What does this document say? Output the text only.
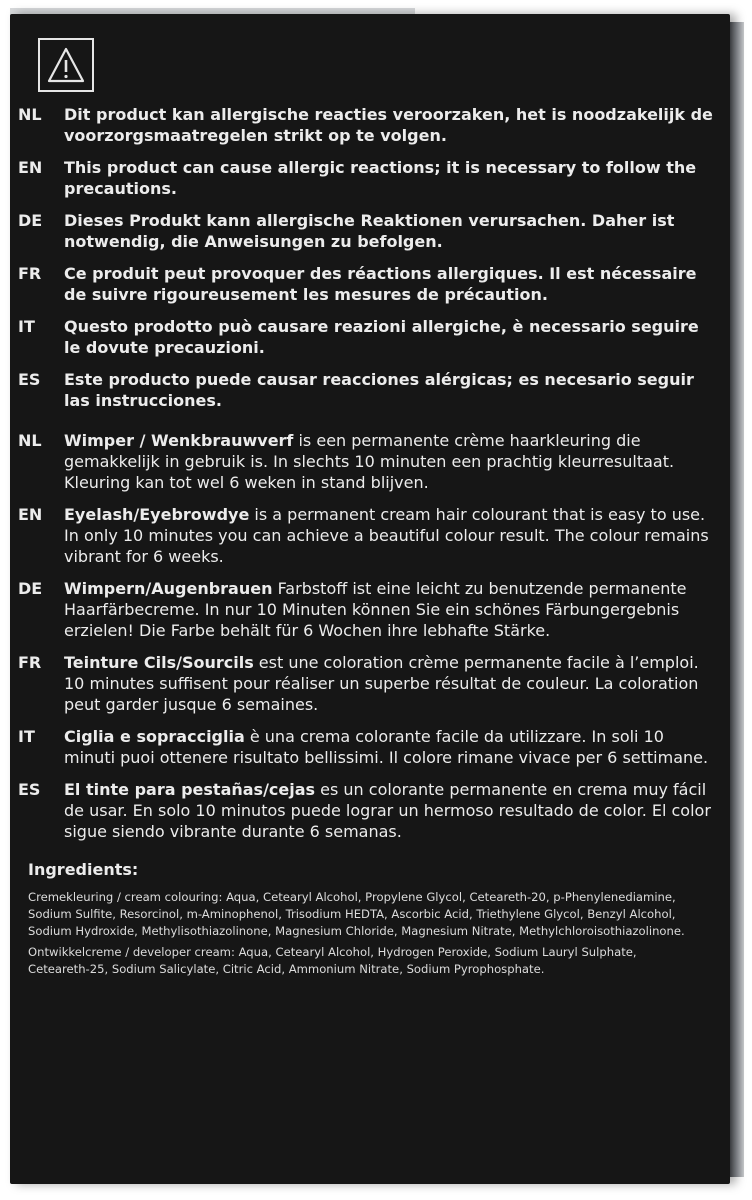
NL	Dit product kan allergische reacties veroorzaken, het is noodzakelijk de voorzorgsmaatregelen strikt op te volgen.
EN	This product can cause allergic reactions; it is necessary to follow the precautions.
DE	Dieses Produkt kann allergische Reaktionen verursachen. Daher ist notwendig, die Anweisungen zu befolgen.
FR	Ce produit peut provoquer des réactions allergiques. Il est nécessaire de suivre rigoureusement les mesures de précaution.
IT	Questo prodotto può causare reazioni allergiche, è necessario seguire le dovute precauzioni.
ES	Este producto puede causar reacciones alérgicas; es necesario seguir las instrucciones.
NL	Wimper / Wenkbrauwverf is een permanente crème haarkleuring die gemakkelijk in gebruik is. In slechts 10 minuten een prachtig kleurresultaat. Kleuring kan tot wel 6 weken in stand blijven.
EN	Eyelash/Eyebrowdye is a permanent cream hair colourant that is easy to use. In only 10 minutes you can achieve a beautiful colour result. The colour remains vibrant for 6 weeks.
DE	Wimpern/Augenbrauen Farbstoff ist eine leicht zu benutzende permanente Haarfärbecreme. In nur 10 Minuten können Sie ein schönes Färbungergebnis erzielen! Die Farbe behält für 6 Wochen ihre lebhafte Stärke.
FR	Teinture Cils/Sourcils est une coloration crème permanente facile à l’emploi. 10 minutes suffisent pour réaliser un superbe résultat de couleur. La coloration peut garder jusque 6 semaines.
IT	Ciglia e sopracciglia è una crema colorante facile da utilizzare. In soli 10 minuti puoi ottenere risultato bellissimi. Il colore rimane vivace per 6 settimane.
ES	El tinte para pestañas/cejas es un colorante permanente en crema muy fácil de usar. En solo 10 minutos puede lograr un hermoso resultado de color. El color sigue siendo vibrante durante 6 semanas.
Ingredients:
Cremekleuring / cream colouring: Aqua, Cetearyl Alcohol, Propylene Glycol, Ceteareth-20, p-Phenylenediamine, Sodium Sulfite, Resorcinol, m-Aminophenol, Trisodium HEDTA, Ascorbic Acid, Triethylene Glycol, Benzyl Alcohol, Sodium Hydroxide, Methylisothiazolinone, Magnesium Chloride, Magnesium Nitrate, Methylchloroisothiazolinone.
Ontwikkelcreme / developer cream: Aqua, Cetearyl Alcohol, Hydrogen Peroxide, Sodium Lauryl Sulphate, Ceteareth-25, Sodium Salicylate, Citric Acid, Ammonium Nitrate, Sodium Pyrophosphate.
